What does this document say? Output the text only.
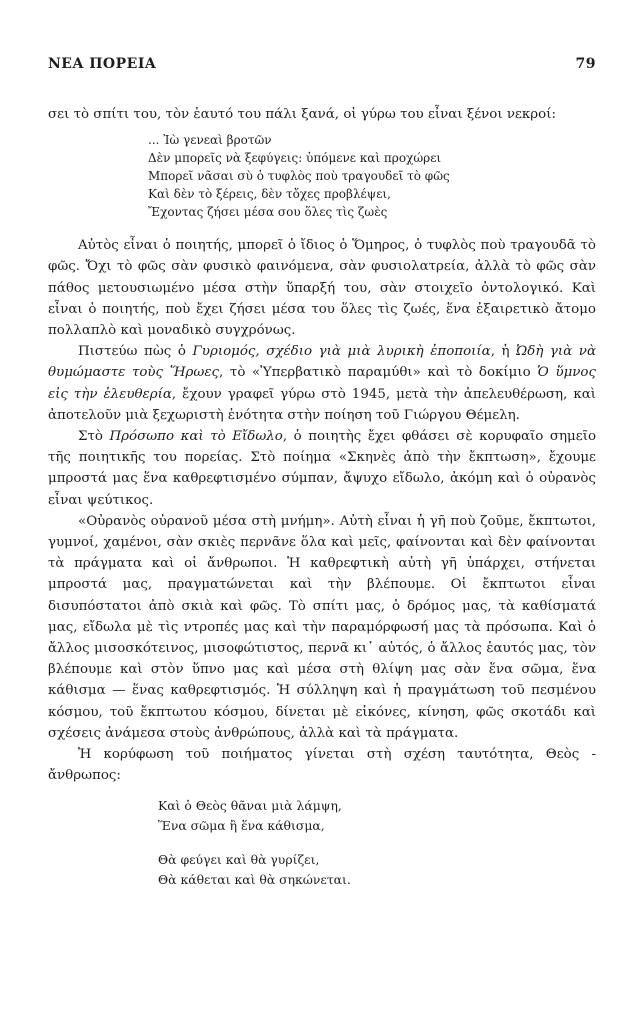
ΝΕΑ ΠΟΡΕΙΑ	79

σει τὸ σπίτι του, τὸν ἑαυτό του πάλι ξανά, οἱ γύρω του εἶναι ξένοι νεκροί:

... Ἰὼ γενεαὶ βροτῶν
Δὲν μπορεῖς νὰ ξεφύγεις: ὑπόμενε καὶ προχώρει
Μπορεῖ νᾶσαι σὺ ὁ τυφλὸς ποὺ τραγουδεῖ τὸ φῶς
Καὶ δὲν τὸ ξέρεις, δὲν τὄχες προβλέψει,
Ἔχοντας ζήσει μέσα σου ὅλες τὶς ζωὲς

Αὐτὸς εἶναι ὁ ποιητής, μπορεῖ ὁ ἴδιος ὁ Ὅμηρος, ὁ τυφλὸς ποὺ τραγουδᾶ τὸ φῶς. Ὄχι τὸ φῶς σὰν φυσικὸ φαινόμενα, σὰν φυσιολατρεία, ἀλλὰ τὸ φῶς σὰν πάθος μετουσιωμένο μέσα στὴν ὕπαρξή του, σὰν στοιχεῖο ὀντολογικό. Καὶ εἶναι ὁ ποιητής, ποὺ ἔχει ζήσει μέσα του ὅλες τὶς ζωές, ἕνα ἐξαιρετικὸ ἄτομο πολλαπλὸ καὶ μοναδικὸ συγχρόνως.

Πιστεύω πὼς ὁ Γυριομός, σχέδιο γιὰ μιὰ λυρικὴ ἐποποιία, ἡ Ὠδὴ γιὰ νὰ θυμώμαστε τοὺς Ἥρωες, τὸ «Ὑπερβατικὸ παραμύθι» καὶ τὸ δοκίμιο Ὁ ὕμνος εἰς τὴν ἐλευθερία, ἔχουν γραφεῖ γύρω στὸ 1945, μετὰ τὴν ἀπελευθέρωση, καὶ ἀποτελοῦν μιὰ ξεχωριστὴ ἑνότητα στὴν ποίηση τοῦ Γιώργου Θέμελη.

Στὸ Πρόσωπο καὶ τὸ Εἴδωλο, ὁ ποιητὴς ἔχει φθάσει σὲ κορυφαῖο σημεῖο τῆς ποιητικῆς του πορείας. Στὸ ποίημα «Σκηνὲς ἀπὸ τὴν ἔκπτωση», ἔχουμε μπροστά μας ἕνα καθρεφτισμένο σύμπαν, ἄψυχο εἴδωλο, ἀκόμη καὶ ὁ οὐρανὸς εἶναι ψεύτικος.

«Οὐρανὸς οὐρανοῦ μέσα στὴ μνήμη». Αὐτὴ εἶναι ἡ γῆ ποὺ ζοῦμε, ἔκπτωτοι, γυμνοί, χαμένοι, σὰν σκιὲς περνᾶνε ὅλα καὶ μεῖς, φαίνονται καὶ δὲν φαίνονται τὰ πράγματα καὶ οἱ ἄνθρωποι. Ἡ καθρεφτικὴ αὐτὴ γῆ ὑπάρχει, στήνεται μπροστά μας, πραγματώνεται καὶ τὴν βλέπουμε. Οἱ ἔκπτωτοι εἶναι δισυπόστατοι ἀπὸ σκιὰ καὶ φῶς. Τὸ σπίτι μας, ὁ δρόμος μας, τὰ καθίσματά μας, εἴδωλα μὲ τὶς ντροπές μας καὶ τὴν παραμόρφωσή μας τὰ πρόσωπα. Καὶ ὁ ἄλλος μισοσκότεινος, μισοφώτιστος, περνᾶ κι᾿ αὐτός, ὁ ἄλλος ἑαυτός μας, τὸν βλέπουμε καὶ στὸν ὕπνο μας καὶ μέσα στὴ θλίψη μας σὰν ἕνα σῶμα, ἕνα κάθισμα — ἕνας καθρεφτισμός. Ἡ σύλληψη καὶ ἡ πραγμάτωση τοῦ πεσμένου κόσμου, τοῦ ἔκπτωτου κόσμου, δίνεται μὲ εἰκόνες, κίνηση, φῶς σκοτάδι καὶ σχέσεις ἀνάμεσα στοὺς ἀνθρώπους, ἀλλὰ καὶ τὰ πράγματα.

Ἡ κορύφωση τοῦ ποιήματος γίνεται στὴ σχέση ταυτότητα, Θεὸς - ἄνθρωπος:

Καὶ ὁ Θεὸς θᾶναι μιὰ λάμψη,
Ἕνα σῶμα ἢ ἕνα κάθισμα,
Θὰ φεύγει καὶ θὰ γυρίζει,
Θὰ κάθεται καὶ θὰ σηκώνεται.
